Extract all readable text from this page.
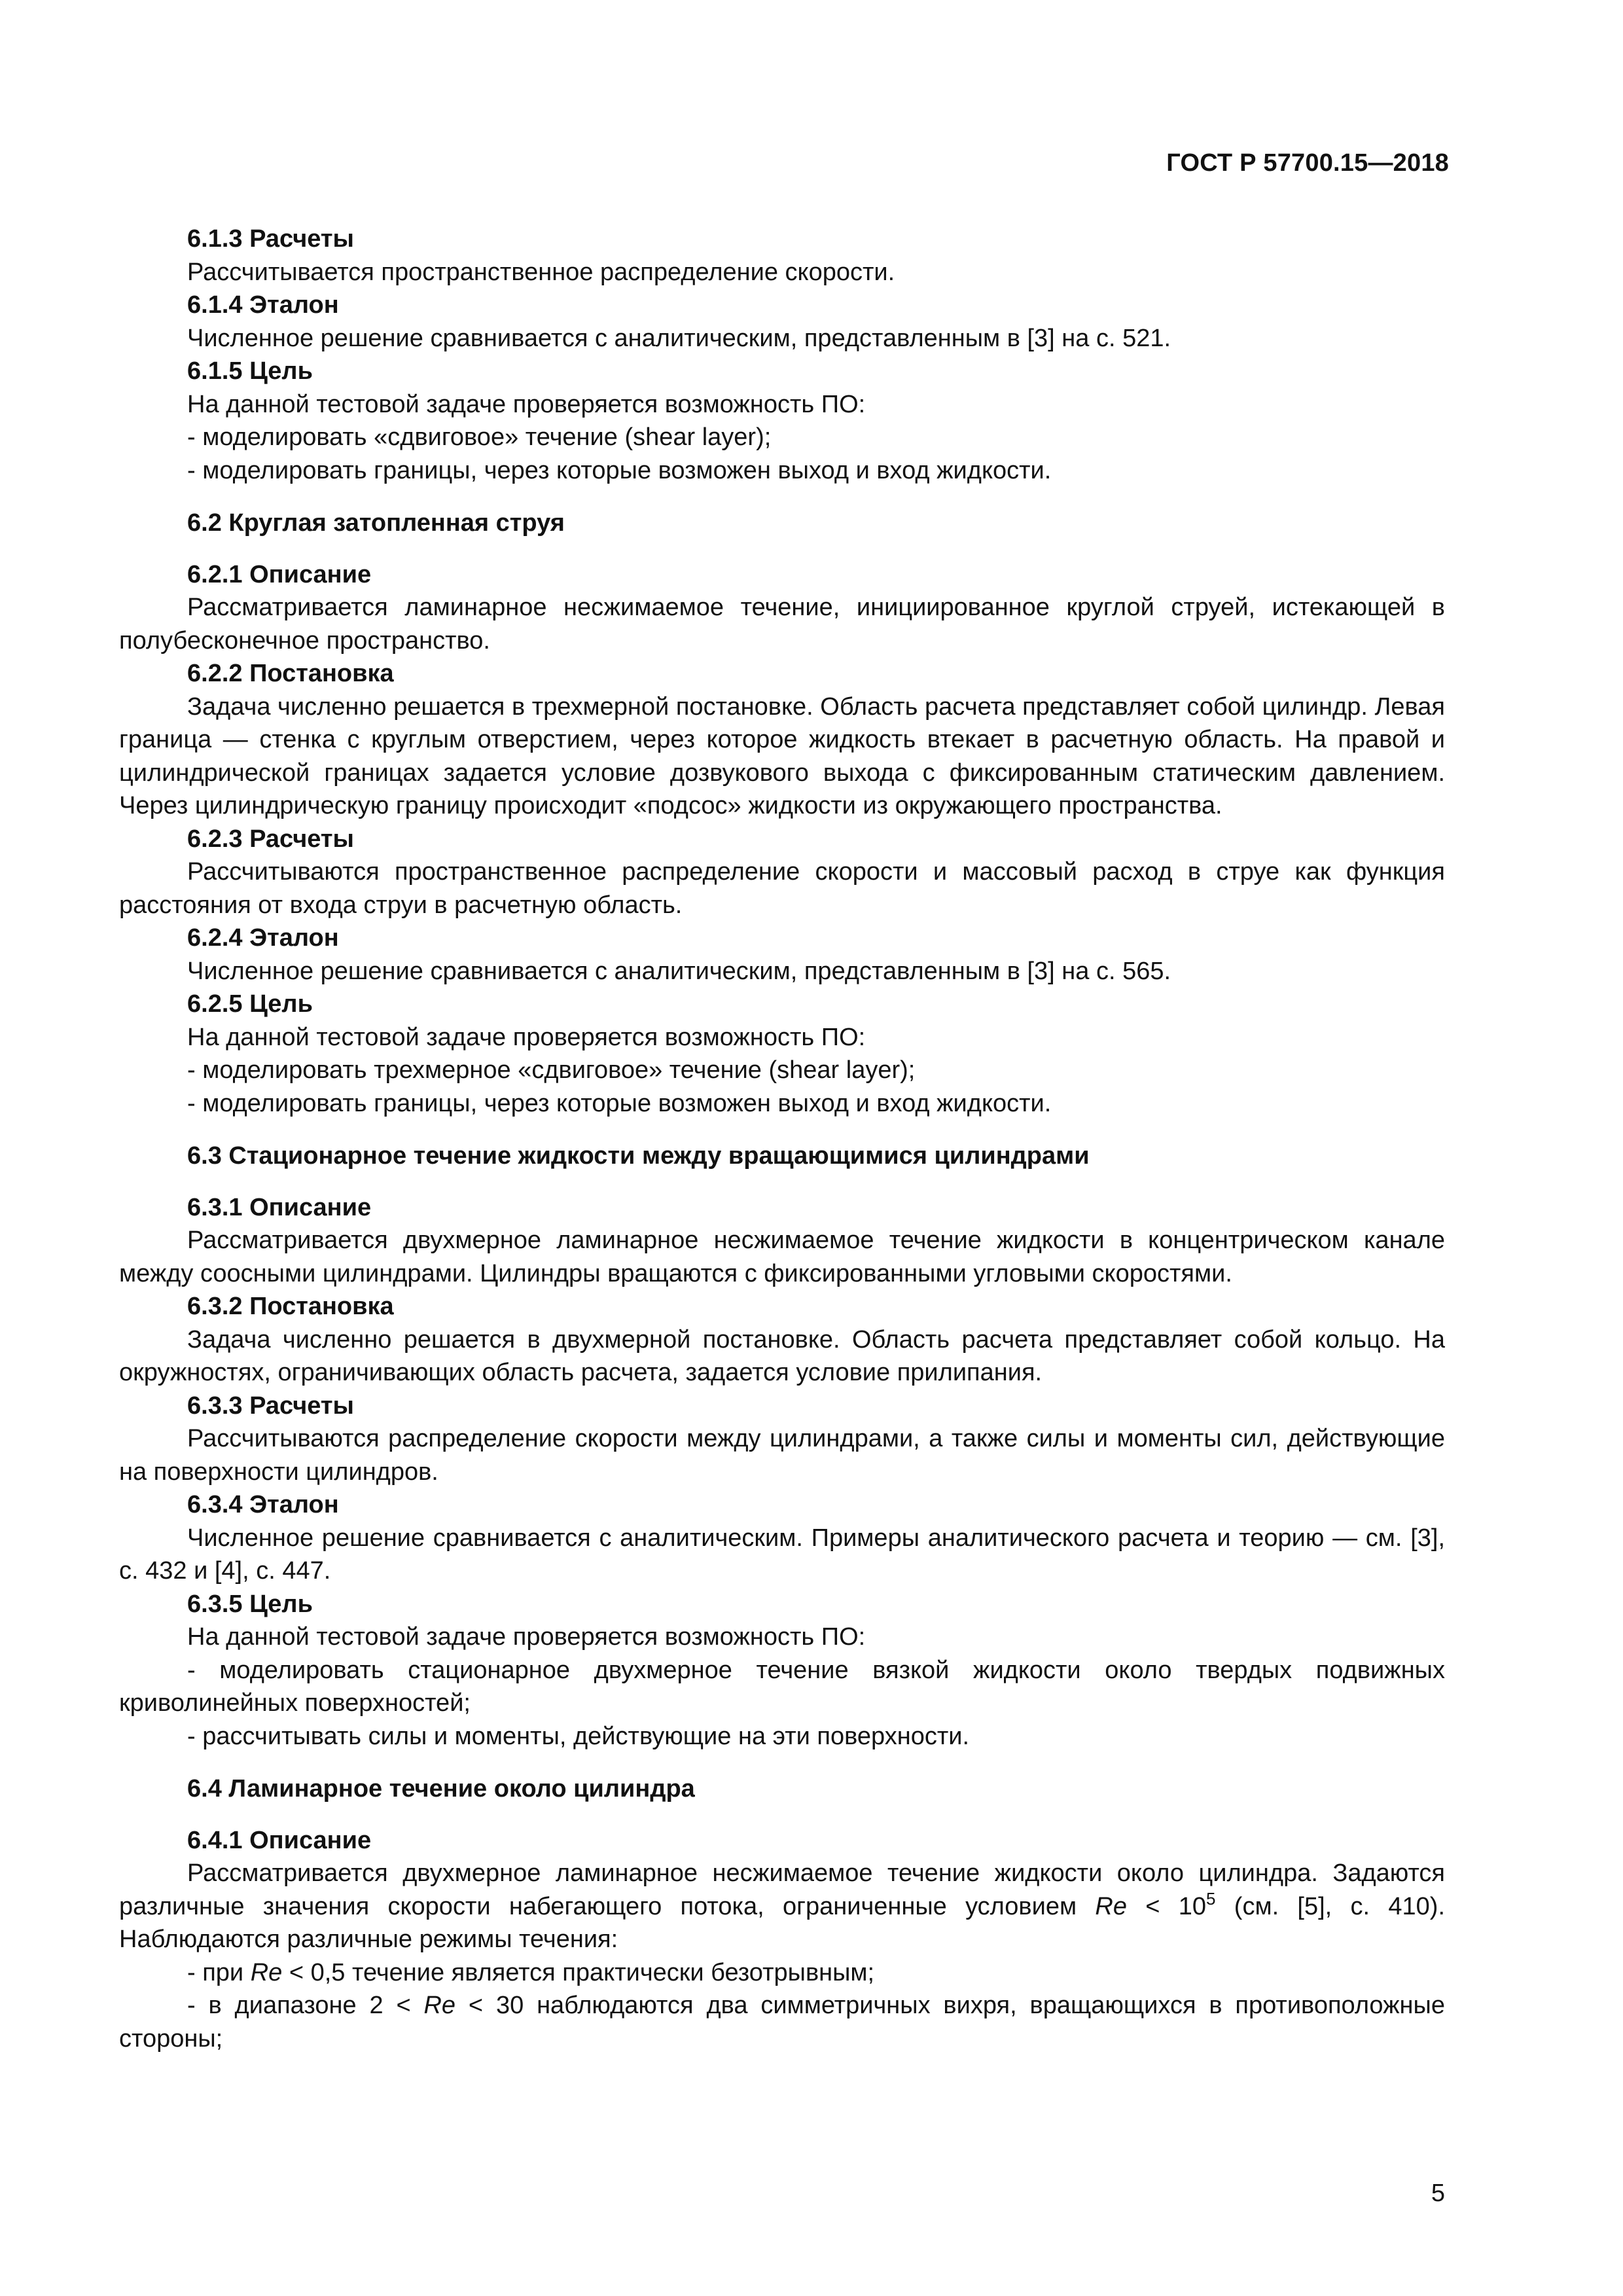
ГОСТ Р 57700.15—2018
6.1.3 Расчеты

Рассчитывается пространственное распределение скорости.

6.1.4 Эталон

Численное решение сравнивается с аналитическим, представленным в [3] на с. 521.

6.1.5 Цель

На данной тестовой задаче проверяется возможность ПО:

- моделировать «сдвиговое» течение (shear layer);

- моделировать границы, через которые возможен выход и вход жидкости.

6.2 Круглая затопленная струя
6.2.1 Описание

Рассматривается ламинарное несжимаемое течение, инициированное круглой струей, истекающей в полубесконечное пространство.

6.2.2 Постановка

Задача численно решается в трехмерной постановке. Область расчета представляет собой цилиндр. Левая граница — стенка с круглым отверстием, через которое жидкость втекает в расчетную область. На правой и цилиндрической границах задается условие дозвукового выхода с фиксированным статическим давлением. Через цилиндрическую границу происходит «подсос» жидкости из окружающего пространства.

6.2.3 Расчеты

Рассчитываются пространственное распределение скорости и массовый расход в струе как функция расстояния от входа струи в расчетную область.

6.2.4 Эталон

Численное решение сравнивается с аналитическим, представленным в [3] на с. 565.

6.2.5 Цель

На данной тестовой задаче проверяется возможность ПО:

- моделировать трехмерное «сдвиговое» течение (shear layer);

- моделировать границы, через которые возможен выход и вход жидкости.

6.3 Стационарное течение жидкости между вращающимися цилиндрами
6.3.1 Описание

Рассматривается двухмерное ламинарное несжимаемое течение жидкости в концентрическом канале между соосными цилиндрами. Цилиндры вращаются с фиксированными угловыми скоростями.

6.3.2 Постановка

Задача численно решается в двухмерной постановке. Область расчета представляет собой кольцо. На окружностях, ограничивающих область расчета, задается условие прилипания.

6.3.3 Расчеты

Рассчитываются распределение скорости между цилиндрами, а также силы и моменты сил, действующие на поверхности цилиндров.

6.3.4 Эталон

Численное решение сравнивается с аналитическим. Примеры аналитического расчета и теорию — см. [3], с. 432 и [4], с. 447.

6.3.5 Цель

На данной тестовой задаче проверяется возможность ПО:

- моделировать стационарное двухмерное течение вязкой жидкости около твердых подвижных криволинейных поверхностей;

- рассчитывать силы и моменты, действующие на эти поверхности.

6.4 Ламинарное течение около цилиндра
6.4.1 Описание

Рассматривается двухмерное ламинарное несжимаемое течение жидкости около цилиндра. Задаются различные значения скорости набегающего потока, ограниченные условием $Re < 10^5$ (см. [5], с. 410). Наблюдаются различные режимы течения:

- при Re < 0,5 течение является практически безотрывным;

- в диапазоне 2 < Re < 30 наблюдаются два симметричных вихря, вращающихся в противоположные стороны;

5
